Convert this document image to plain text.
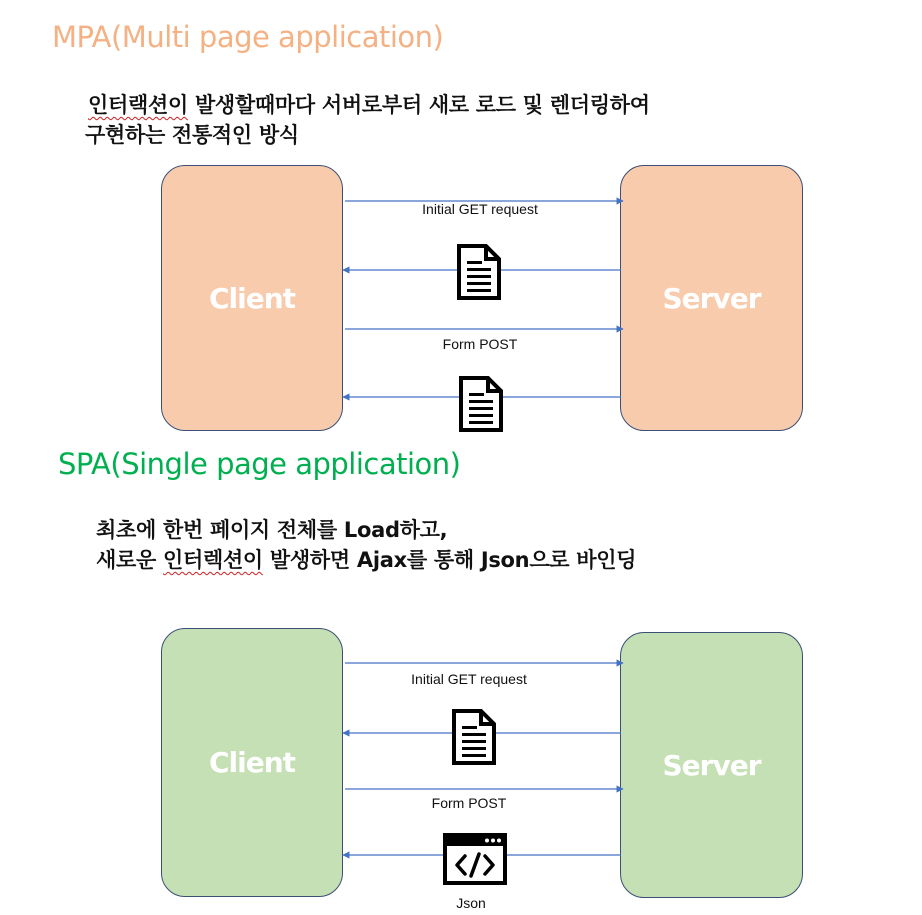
MPA(Multi page application)
인터랙션이 발생할때마다 서버로부터 새로 로드 및 렌더링하여
구현하는 전통적인 방식
Client	Server
Initial GET request
Form POST
SPA(Single page application)
최초에 한번 페이지 전체를 Load하고,
새로운 인터렉션이 발생하면 Ajax를 통해 Json으로 바인딩
Client	Server
Initial GET request
Form POST
Json
